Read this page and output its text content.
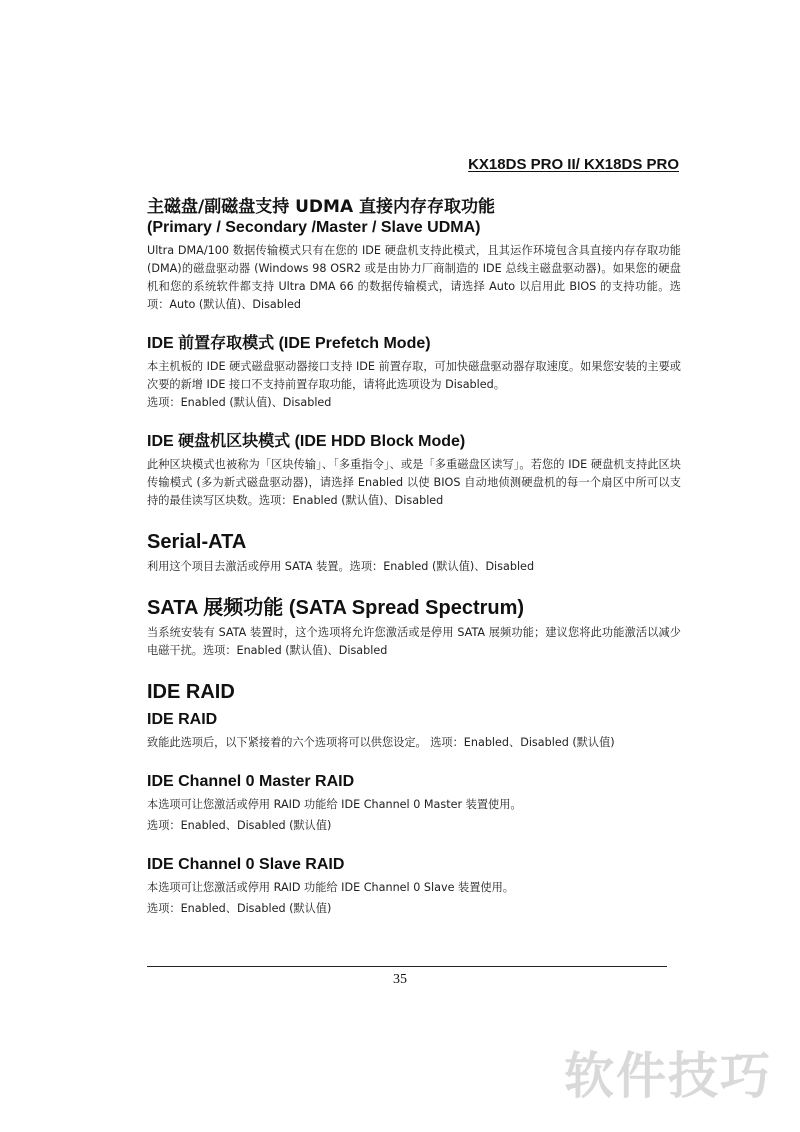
KX18DS PRO II/ KX18DS PRO

主磁盘/副磁盘支持 UDMA 直接内存存取功能

(Primary / Secondary /Master / Slave UDMA)

Ultra DMA/100 数据传输模式只有在您的 IDE 硬盘机支持此模式，且其运作环境包含具直接内存存取功能(DMA)的磁盘驱动器 (Windows 98 OSR2 或是由协力厂商制造的 IDE 总线主磁盘驱动器)。如果您的硬盘机和您的系统软件都支持 Ultra DMA 66 的数据传输模式，请选择 Auto 以启用此 BIOS 的支持功能。选项：Auto (默认值)、Disabled

IDE 前置存取模式 (IDE Prefetch Mode)

本主机板的 IDE 硬式磁盘驱动器接口支持 IDE 前置存取，可加快磁盘驱动器存取速度。如果您安装的主要或次要的新增 IDE 接口不支持前置存取功能，请将此选项设为 Disabled。

选项：Enabled (默认值)、Disabled

IDE 硬盘机区块模式 (IDE HDD Block Mode)

此种区块模式也被称为「区块传输」、「多重指令」、或是「多重磁盘区读写」。若您的 IDE 硬盘机支持此区块传输模式 (多为新式磁盘驱动器)，请选择 Enabled 以使 BIOS 自动地侦测硬盘机的每一个扇区中所可以支持的最佳读写区块数。选项：Enabled (默认值)、Disabled

Serial-ATA

利用这个项目去激活或停用 SATA 装置。选项：Enabled (默认值)、Disabled

SATA 展频功能 (SATA Spread Spectrum)

当系统安装有 SATA 装置时，这个选项将允许您激活或是停用 SATA 展频功能；建议您将此功能激活以减少电磁干扰。选项：Enabled (默认值)、Disabled

IDE RAID

IDE RAID

致能此选项后，以下紧接着的六个选项将可以供您设定。 选项：Enabled、Disabled (默认值)

IDE Channel 0 Master RAID

本选项可让您激活或停用 RAID 功能给 IDE Channel 0 Master 装置使用。

选项：Enabled、Disabled (默认值)

IDE Channel 0 Slave RAID

本选项可让您激活或停用 RAID 功能给 IDE Channel 0 Slave 装置使用。

选项：Enabled、Disabled (默认值)

35
软件技巧
